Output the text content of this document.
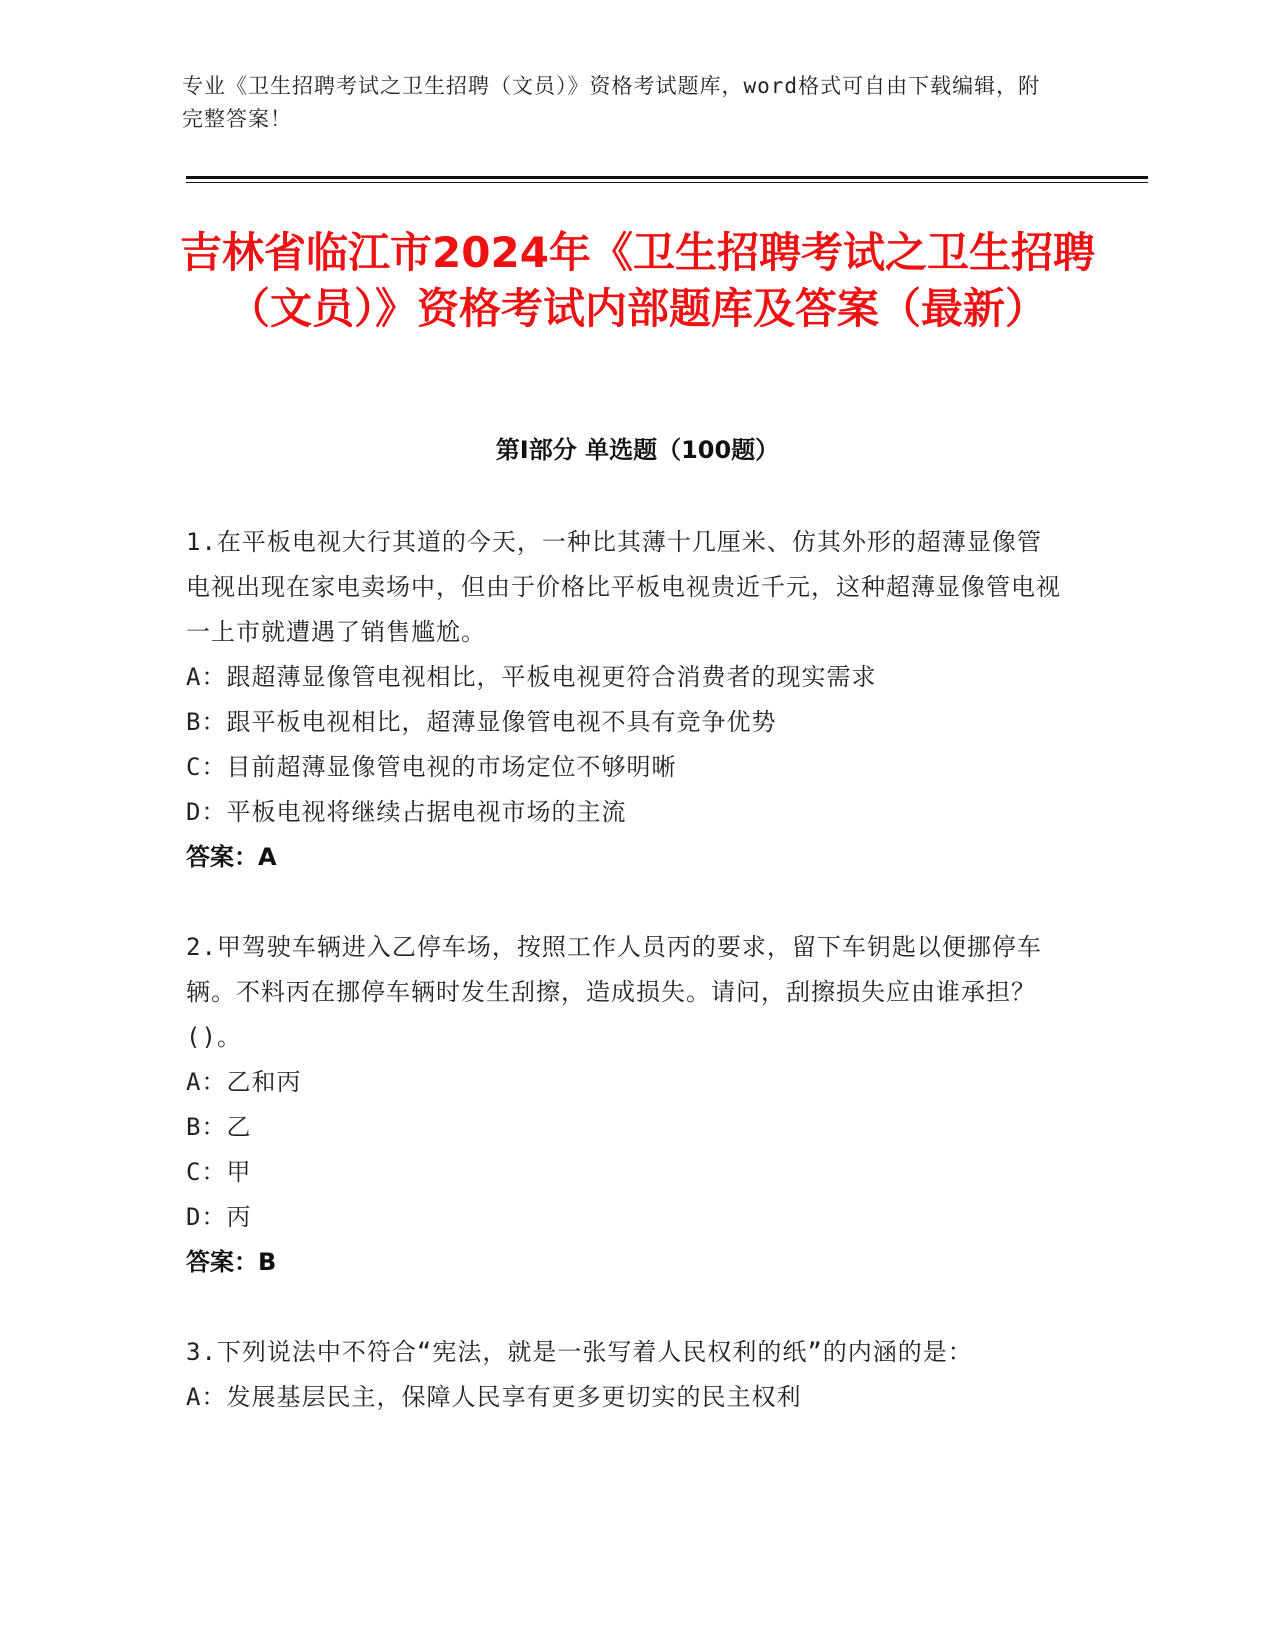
专业《卫生招聘考试之卫生招聘（文员）》资格考试题库，word格式可自由下载编辑，附完整答案！
吉林省临江市2024年《卫生招聘考试之卫生招聘（文员）》资格考试内部题库及答案（最新）
第I部分 单选题（100题）

1.在平板电视大行其道的今天，一种比其薄十几厘米、仿其外形的超薄显像管电视出现在家电卖场中，但由于价格比平板电视贵近千元，这种超薄显像管电视一上市就遭遇了销售尴尬。

A：跟超薄显像管电视相比，平板电视更符合消费者的现实需求

B：跟平板电视相比，超薄显像管电视不具有竞争优势

C：目前超薄显像管电视的市场定位不够明晰

D：平板电视将继续占据电视市场的主流

答案：A

2.甲驾驶车辆进入乙停车场，按照工作人员丙的要求，留下车钥匙以便挪停车辆。不料丙在挪停车辆时发生刮擦，造成损失。请问，刮擦损失应由谁承担？()。

A：乙和丙

B：乙

C：甲

D：丙

答案：B

3.下列说法中不符合“宪法，就是一张写着人民权利的纸”的内涵的是：

A：发展基层民主，保障人民享有更多更切实的民主权利
